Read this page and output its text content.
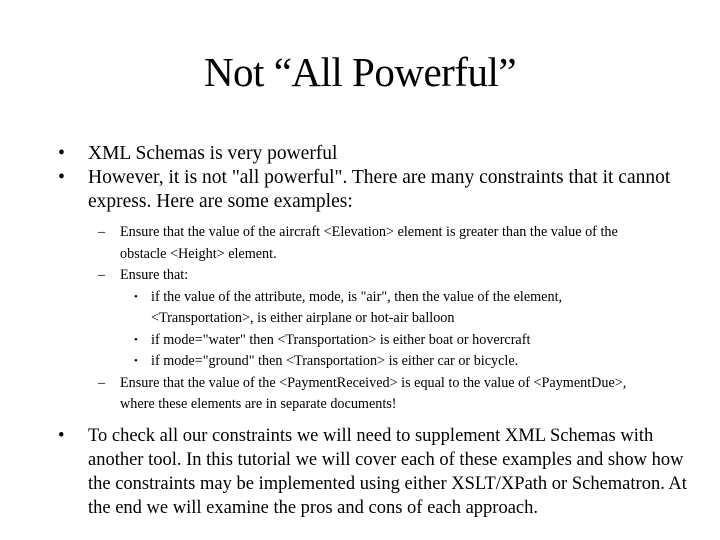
Not “All Powerful”
• XML Schemas is very powerful
• However, it is not "all powerful". There are many constraints that it cannot express. Here are some examples:
– Ensure that the value of the aircraft <Elevation> element is greater than the value of the obstacle <Height> element.
– Ensure that:
• if the value of the attribute, mode, is "air", then the value of the element, <Transportation>, is either airplane or hot-air balloon
• if mode="water" then <Transportation> is either boat or hovercraft
• if mode="ground" then <Transportation> is either car or bicycle.
– Ensure that the value of the <PaymentReceived> is equal to the value of <PaymentDue>, where these elements are in separate documents!
• To check all our constraints we will need to supplement XML Schemas with another tool. In this tutorial we will cover each of these examples and show how the constraints may be implemented using either XSLT/XPath or Schematron. At the end we will examine the pros and cons of each approach.
